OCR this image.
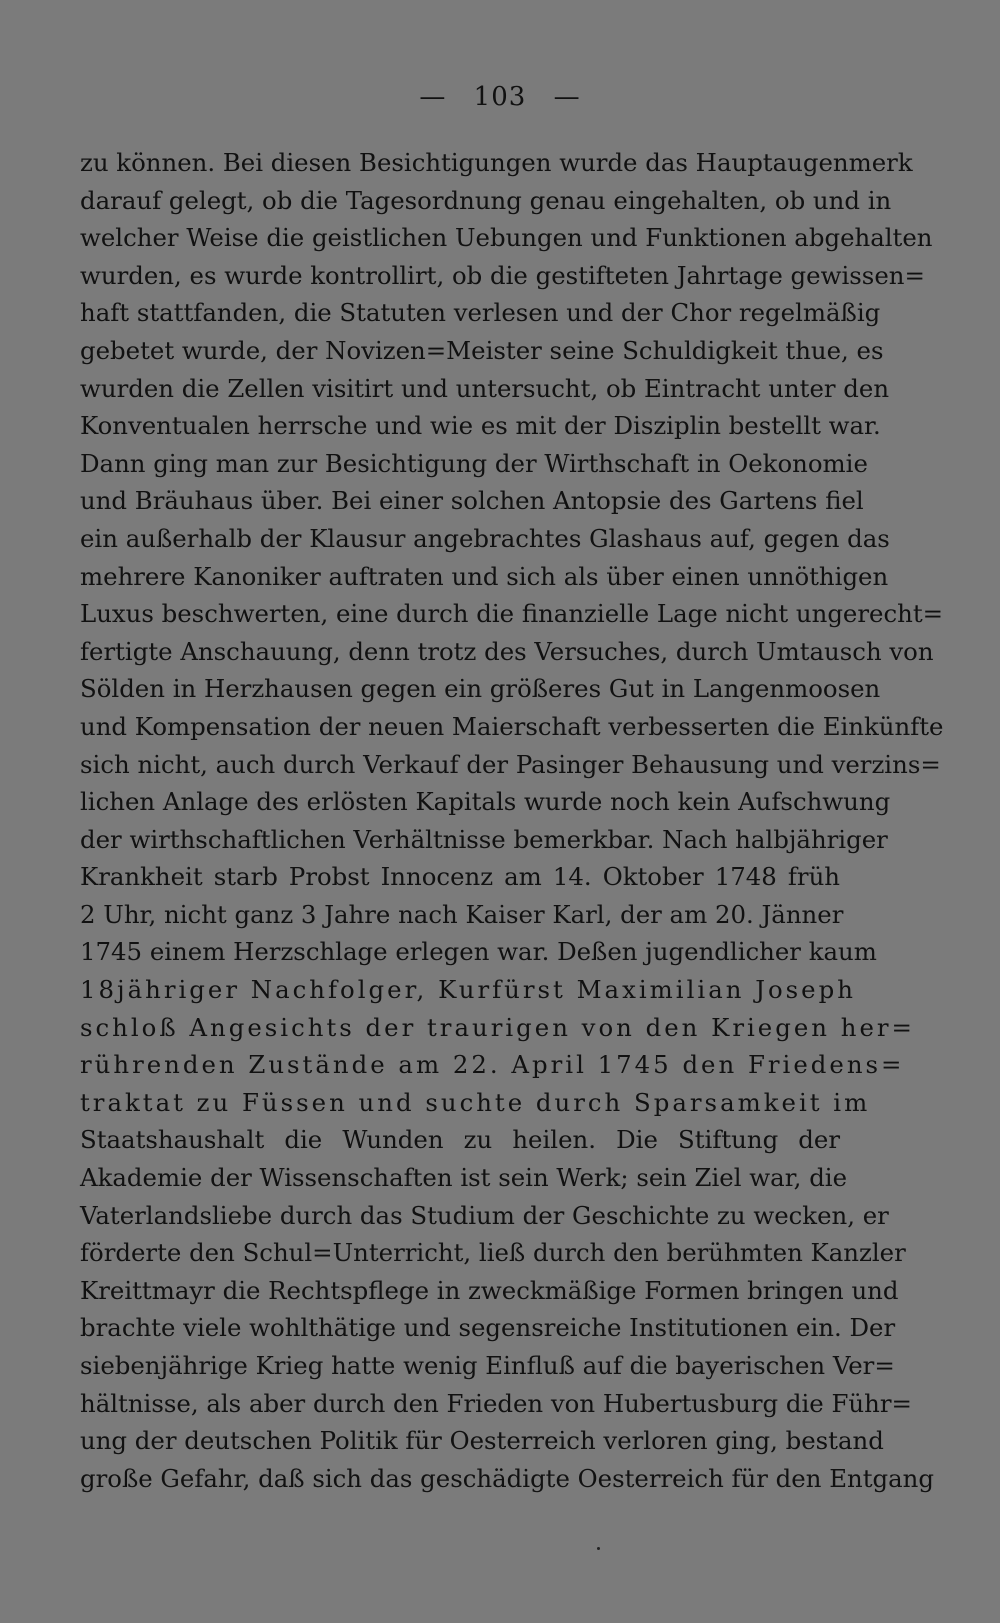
— 103 —
zu können. Bei diesen Besichtigungen wurde das Hauptaugenmerk
darauf gelegt, ob die Tagesordnung genau eingehalten, ob und in
welcher Weise die geistlichen Uebungen und Funktionen abgehalten
wurden, es wurde kontrollirt, ob die gestifteten Jahrtage gewissen=
haft stattfanden, die Statuten verlesen und der Chor regelmäßig
gebetet wurde, der Novizen=Meister seine Schuldigkeit thue, es
wurden die Zellen visitirt und untersucht, ob Eintracht unter den
Konventualen herrsche und wie es mit der Disziplin bestellt war.
Dann ging man zur Besichtigung der Wirthschaft in Oekonomie
und Bräuhaus über. Bei einer solchen Antopsie des Gartens fiel
ein außerhalb der Klausur angebrachtes Glashaus auf, gegen das
mehrere Kanoniker auftraten und sich als über einen unnöthigen
Luxus beschwerten, eine durch die finanzielle Lage nicht ungerecht=
fertigte Anschauung, denn trotz des Versuches, durch Umtausch von
Sölden in Herzhausen gegen ein größeres Gut in Langenmoosen
und Kompensation der neuen Maierschaft verbesserten die Einkünfte
sich nicht, auch durch Verkauf der Pasinger Behausung und verzins=
lichen Anlage des erlösten Kapitals wurde noch kein Aufschwung
der wirthschaftlichen Verhältnisse bemerkbar. Nach halbjähriger
Krankheit starb Probst Innocenz am 14. Oktober 1748 früh
2 Uhr, nicht ganz 3 Jahre nach Kaiser Karl, der am 20. Jänner
1745 einem Herzschlage erlegen war. Deßen jugendlicher kaum
18jähriger Nachfolger, Kurfürst Maximilian Joseph
schloß Angesichts der traurigen von den Kriegen her=
rührenden Zustände am 22. April 1745 den Friedens=
traktat zu Füssen und suchte durch Sparsamkeit im
Staatshaushalt die Wunden zu heilen. Die Stiftung der
Akademie der Wissenschaften ist sein Werk; sein Ziel war, die
Vaterlandsliebe durch das Studium der Geschichte zu wecken, er
förderte den Schul=Unterricht, ließ durch den berühmten Kanzler
Kreittmayr die Rechtspflege in zweckmäßige Formen bringen und
brachte viele wohlthätige und segensreiche Institutionen ein. Der
siebenjährige Krieg hatte wenig Einfluß auf die bayerischen Ver=
hältnisse, als aber durch den Frieden von Hubertusburg die Führ=
ung der deutschen Politik für Oesterreich verloren ging, bestand
große Gefahr, daß sich das geschädigte Oesterreich für den Entgang
